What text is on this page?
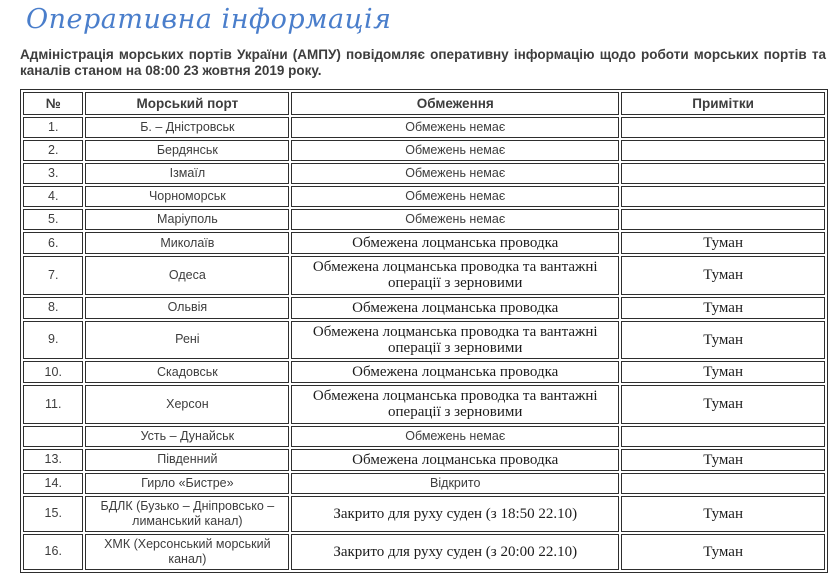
Оперативна інформація

Адміністрація морських портів України (АМПУ) повідомляє оперативну інформацію щодо роботи морських портів та каналів станом на 08:00 23 жовтня 2019 року.

№	Морський порт	Обмеження	Примітки
1.	Б. – Дністровськ	Обмежень немає	
2.	Бердянськ	Обмежень немає	
3.	Ізмаїл	Обмежень немає	
4.	Чорноморськ	Обмежень немає	
5.	Маріуполь	Обмежень немає	
6.	Миколаїв	Обмежена лоцманська проводка	Туман
7.	Одеса	Обмежена лоцманська проводка та вантажні операції з зерновими	Туман
8.	Ольвія	Обмежена лоцманська проводка	Туман
9.	Рені	Обмежена лоцманська проводка та вантажні операції з зерновими	Туман
10.	Скадовськ	Обмежена лоцманська проводка	Туман
11.	Херсон	Обмежена лоцманська проводка та вантажні операції з зерновими	Туман
	Усть – Дунайськ	Обмежень немає	
13.	Південний	Обмежена лоцманська проводка	Туман
14.	Гирло «Бистре»	Відкрито	
15.	БДЛК (Бузько – Дніпровсько – лиманський канал)	Закрито для руху суден (з 18:50 22.10)	Туман
16.	ХМК (Херсонський морський канал)	Закрито для руху суден (з 20:00 22.10)	Туман
